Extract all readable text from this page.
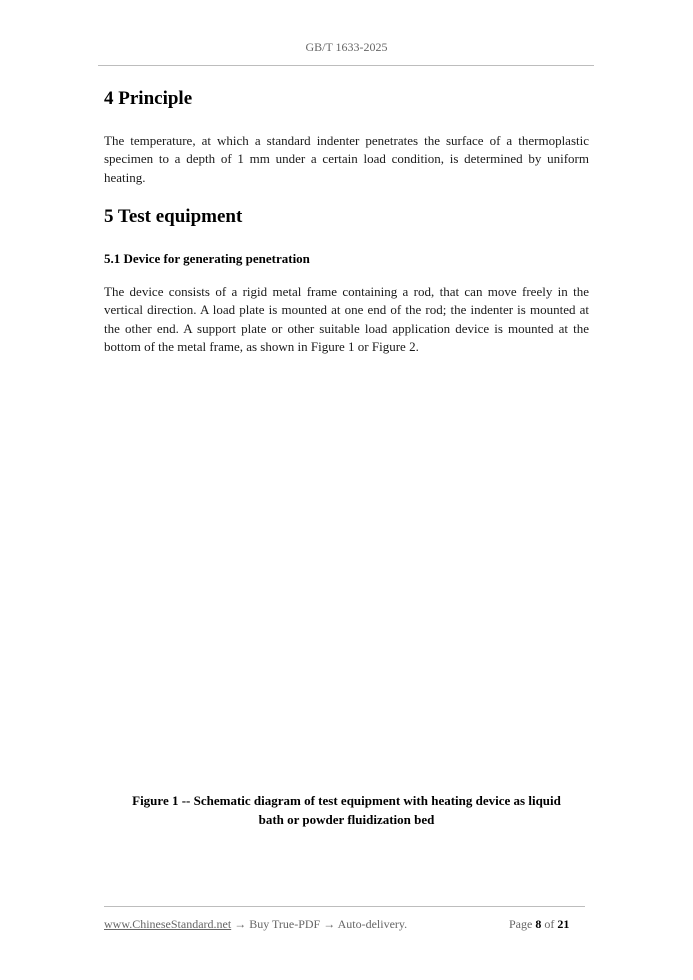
GB/T 1633-2025
4 Principle
The temperature, at which a standard indenter penetrates the surface of a thermoplastic specimen to a depth of 1 mm under a certain load condition, is determined by uniform heating.
5 Test equipment
5.1 Device for generating penetration
The device consists of a rigid metal frame containing a rod, that can move freely in the vertical direction. A load plate is mounted at one end of the rod; the indenter is mounted at the other end. A support plate or other suitable load application device is mounted at the bottom of the metal frame, as shown in Figure 1 or Figure 2.
Figure 1 -- Schematic diagram of test equipment with heating device as liquid
bath or powder fluidization bed
www.ChineseStandard.net → Buy True-PDF → Auto-delivery.	Page 8 of 21
